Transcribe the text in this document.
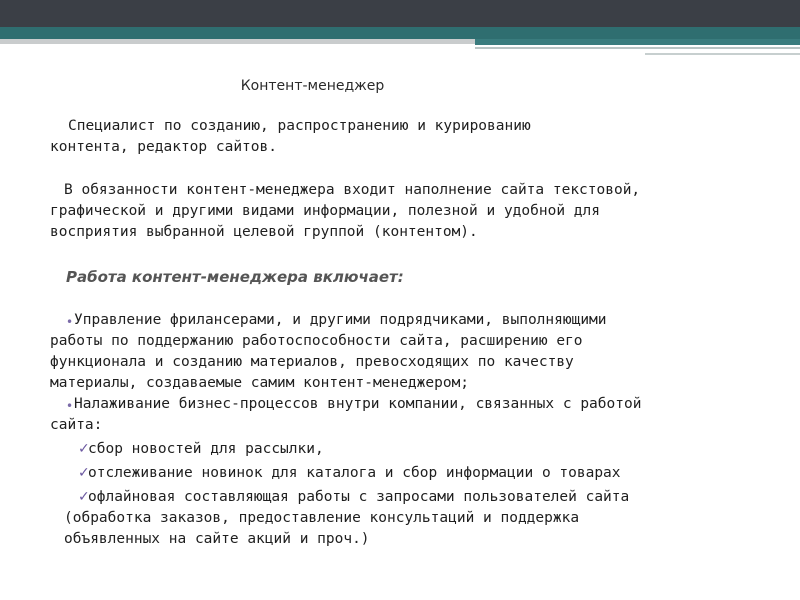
Контент-менеджер
Специалист по созданию, распространению и курированию
контента, редактор сайтов.
В обязанности контент-менеджера входит наполнение сайта текстовой,
графической и другими видами информации, полезной и удобной для
восприятия выбранной целевой группой (контентом).
Работа контент-менеджера включает:
• Управление фрилансерами, и другими подрядчиками, выполняющими
работы по поддержанию работоспособности сайта, расширению его
функционала и созданию материалов, превосходящих по качеству
материалы, создаваемые самим контент-менеджером;
• Налаживание бизнес-процессов внутри компании, связанных с работой
сайта:
✓
сбор новостей для рассылки,
✓
отслеживание новинок для каталога и сбор информации о товарах
✓
офлайновая составляющая работы с запросами пользователей сайта
(обработка заказов, предоставление консультаций и поддержка
объявленных на сайте акций и проч.)
